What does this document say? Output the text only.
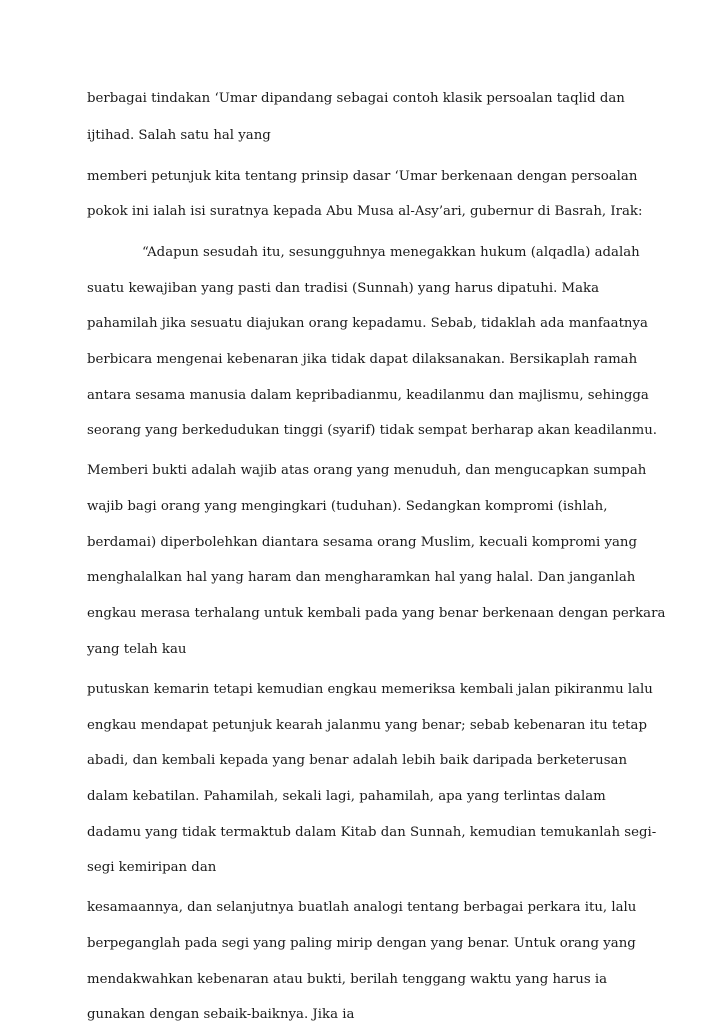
berbagai tindakan ‘Umar dipandang sebagai contoh klasik persoalan taqlid dan
ijtihad. Salah satu hal yang
memberi petunjuk kita tentang prinsip dasar ‘Umar berkenaan dengan persoalan
pokok ini ialah isi suratnya kepada Abu Musa al-Asy’ari, gubernur di Basrah, Irak:
“Adapun sesudah itu, sesungguhnya menegakkan hukum (alqadla) adalah
suatu kewajiban yang pasti dan tradisi (Sunnah) yang harus dipatuhi. Maka
pahamilah jika sesuatu diajukan orang kepadamu. Sebab, tidaklah ada manfaatnya
berbicara mengenai kebenaran jika tidak dapat dilaksanakan. Bersikaplah ramah
antara sesama manusia dalam kepribadianmu, keadilanmu dan majlismu, sehingga
seorang yang berkedudukan tinggi (syarif) tidak sempat berharap akan keadilanmu.
Memberi bukti adalah wajib atas orang yang menuduh, dan mengucapkan sumpah
wajib bagi orang yang mengingkari (tuduhan). Sedangkan kompromi (ishlah,
berdamai) diperbolehkan diantara sesama orang Muslim, kecuali kompromi yang
menghalalkan hal yang haram dan mengharamkan hal yang halal. Dan janganlah
engkau merasa terhalang untuk kembali pada yang benar berkenaan dengan perkara
yang telah kau
putuskan kemarin tetapi kemudian engkau memeriksa kembali jalan pikiranmu lalu
engkau mendapat petunjuk kearah jalanmu yang benar; sebab kebenaran itu tetap
abadi, dan kembali kepada yang benar adalah lebih baik daripada berketerusan
dalam kebatilan. Pahamilah, sekali lagi, pahamilah, apa yang terlintas dalam
dadamu yang tidak termaktub dalam Kitab dan Sunnah, kemudian temukanlah segi-
segi kemiripan dan
kesamaannya, dan selanjutnya buatlah analogi tentang berbagai perkara itu, lalu
berpeganglah pada segi yang paling mirip dengan yang benar. Untuk orang yang
mendakwahkan kebenaran atau bukti, berilah tenggang waktu yang harus ia
gunakan dengan sebaik-baiknya. Jika ia
